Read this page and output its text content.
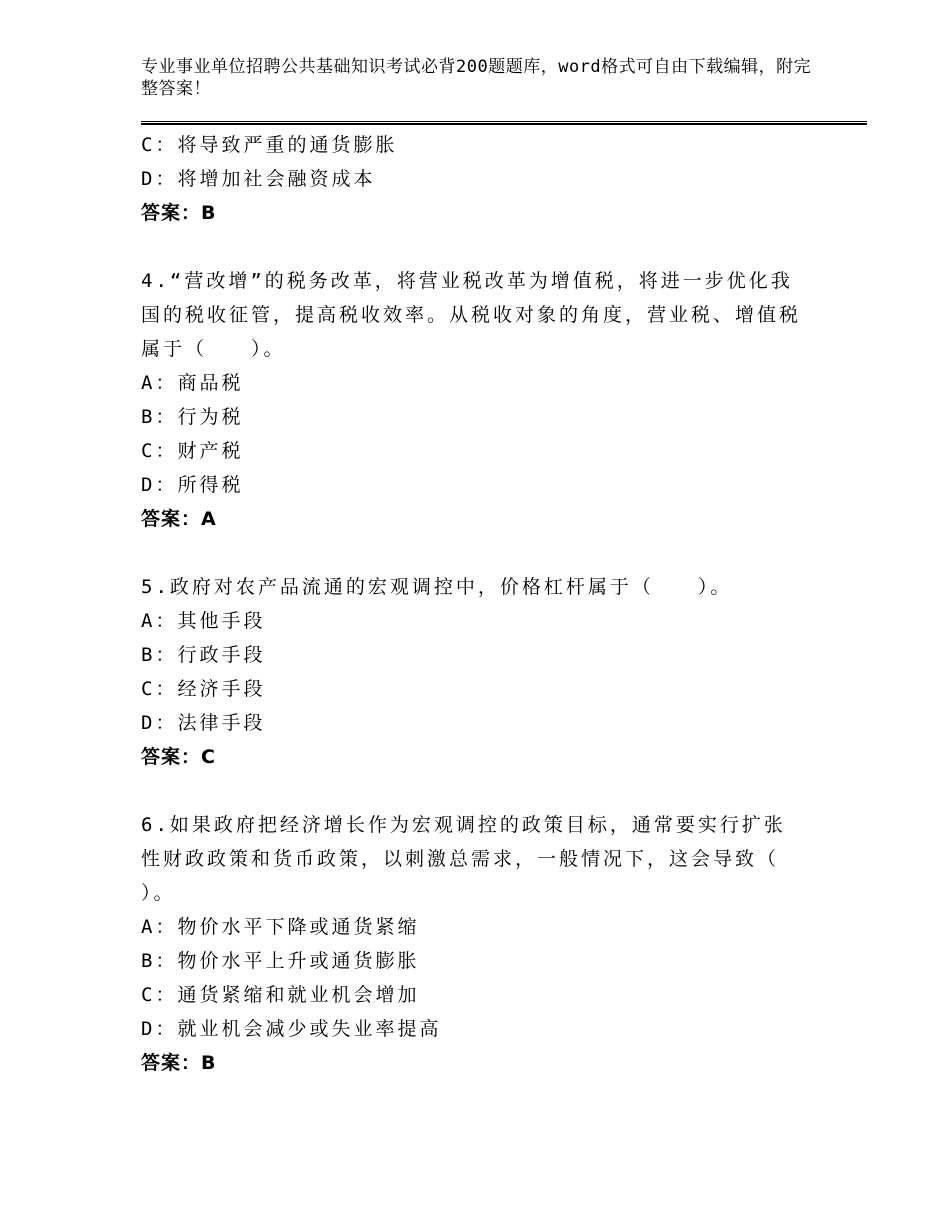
专业事业单位招聘公共基础知识考试必背200题题库，word格式可自由下载编辑，附完整答案！
C：将导致严重的通货膨胀
D：将增加社会融资成本
答案：B
4.“营改增”的税务改革，将营业税改革为增值税，将进一步优化我国的税收征管，提高税收效率。从税收对象的角度，营业税、增值税属于（　　）。
A：商品税
B：行为税
C：财产税
D：所得税
答案：A
5.政府对农产品流通的宏观调控中，价格杠杆属于（　　）。
A：其他手段
B：行政手段
C：经济手段
D：法律手段
答案：C
6.如果政府把经济增长作为宏观调控的政策目标，通常要实行扩张性财政政策和货币政策，以刺激总需求，一般情况下，这会导致（　　）。
A：物价水平下降或通货紧缩
B：物价水平上升或通货膨胀
C：通货紧缩和就业机会增加
D：就业机会减少或失业率提高
答案：B
